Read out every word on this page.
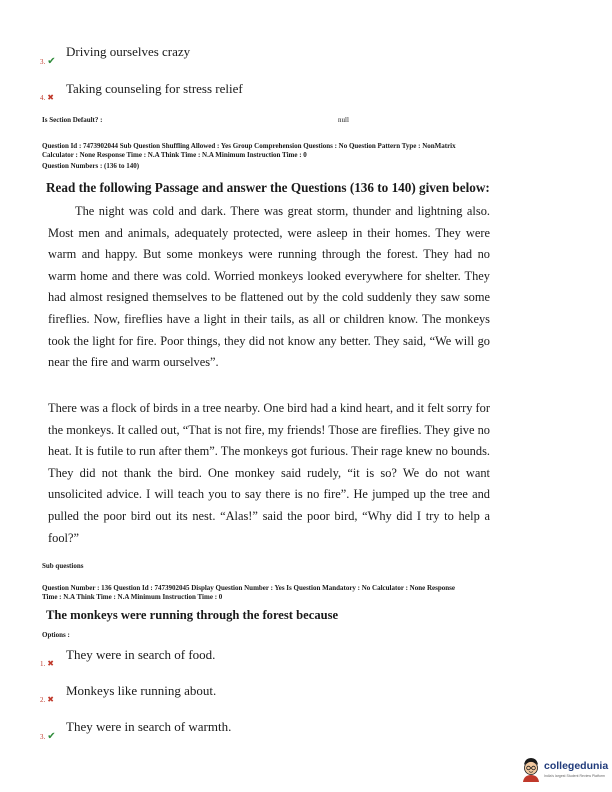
3. ✔
Driving ourselves crazy
4. ✖
Taking counseling for stress relief
Is Section Default? :	null
Question Id : 7473902044 Sub Question Shuffling Allowed : Yes Group Comprehension Questions : No Question Pattern Type : NonMatrix
Calculator : None Response Time : N.A Think Time : N.A Minimum Instruction Time : 0
Question Numbers : (136 to 140)
Read the following Passage and answer the Questions (136 to 140) given below:
The night was cold and dark. There was great storm, thunder and lightning also. Most men and animals, adequately protected, were asleep in their homes. They were warm and happy. But some monkeys were running through the forest. They had no warm home and there was cold. Worried monkeys looked everywhere for shelter. They had almost resigned themselves to be flattened out by the cold suddenly they saw some fireflies. Now, fireflies have a light in their tails, as all or children know. The monkeys took the light for fire. Poor things, they did not know any better. They said, “We will go near the fire and warm ourselves”.
There was a flock of birds in a tree nearby. One bird had a kind heart, and it felt sorry for the monkeys. It called out, “That is not fire, my friends! Those are fireflies. They give no heat. It is futile to run after them”. The monkeys got furious. Their rage knew no bounds. They did not thank the bird. One monkey said rudely, “it is so? We do not want unsolicited advice. I will teach you to say there is no fire”. He jumped up the tree and pulled the poor bird out its nest. “Alas!” said the poor bird, “Why did I try to help a fool?”
Sub questions
Question Number : 136 Question Id : 7473902045 Display Question Number : Yes Is Question Mandatory : No Calculator : None Response
Time : N.A Think Time : N.A Minimum Instruction Time : 0
The monkeys were running through the forest because
Options :
1. ✖
They were in search of food.
2. ✖
Monkeys like running about.
3. ✔
They were in search of warmth.
collegedunia
India's largest Student Review Platform
